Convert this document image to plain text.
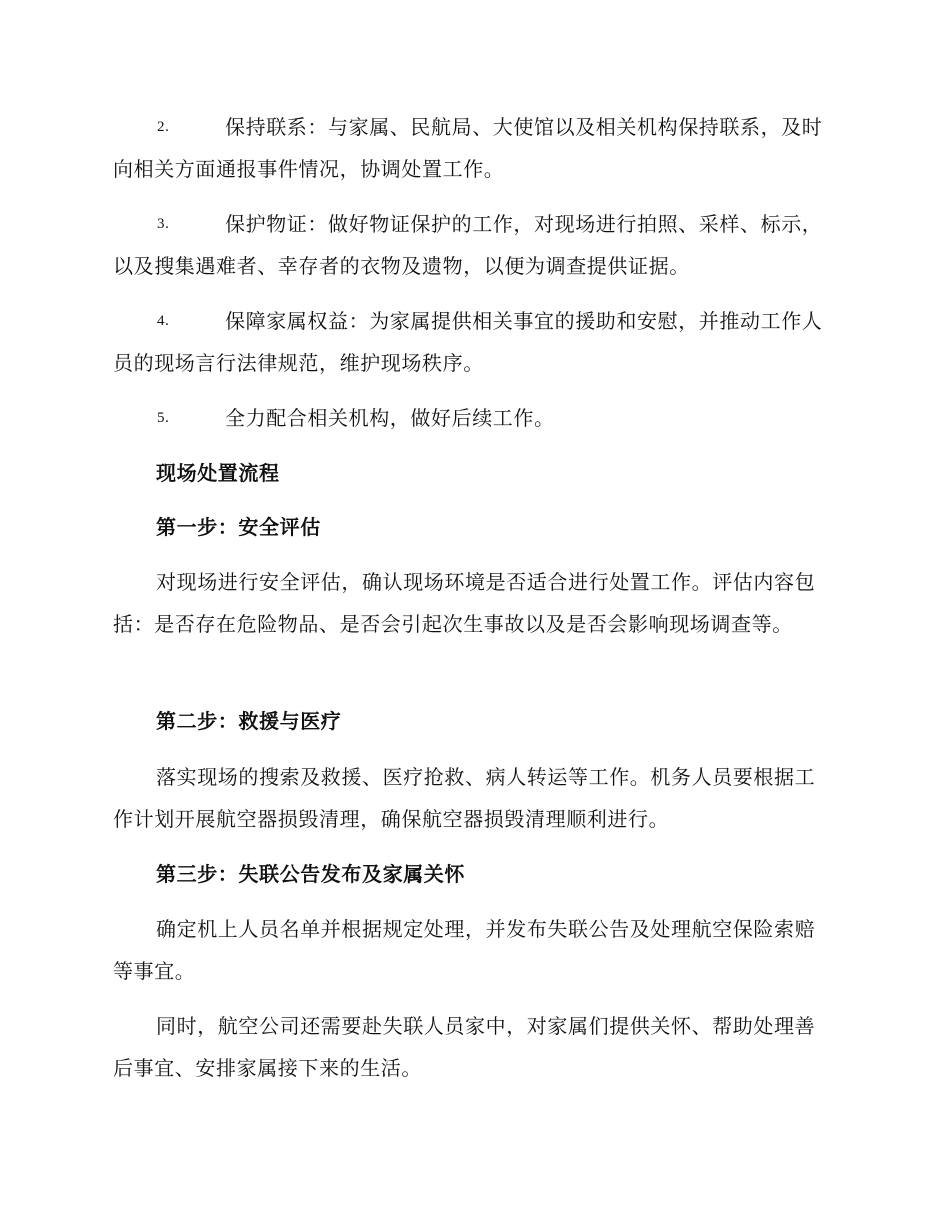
2.	保持联系：与家属、民航局、大使馆以及相关机构保持联系，及时向相关方面通报事件情况，协调处置工作。
3.	保护物证：做好物证保护的工作，对现场进行拍照、采样、标示，以及搜集遇难者、幸存者的衣物及遗物，以便为调查提供证据。
4.	保障家属权益：为家属提供相关事宜的援助和安慰，并推动工作人员的现场言行法律规范，维护现场秩序。
5.	全力配合相关机构，做好后续工作。
现场处置流程
第一步：安全评估

对现场进行安全评估，确认现场环境是否适合进行处置工作。评估内容包括：是否存在危险物品、是否会引起次生事故以及是否会影响现场调查等。

第二步：救援与医疗

落实现场的搜索及救援、医疗抢救、病人转运等工作。机务人员要根据工作计划开展航空器损毁清理，确保航空器损毁清理顺利进行。

第三步：失联公告发布及家属关怀

确定机上人员名单并根据规定处理，并发布失联公告及处理航空保险索赔等事宜。

同时，航空公司还需要赴失联人员家中，对家属们提供关怀、帮助处理善后事宜、安排家属接下来的生活。
